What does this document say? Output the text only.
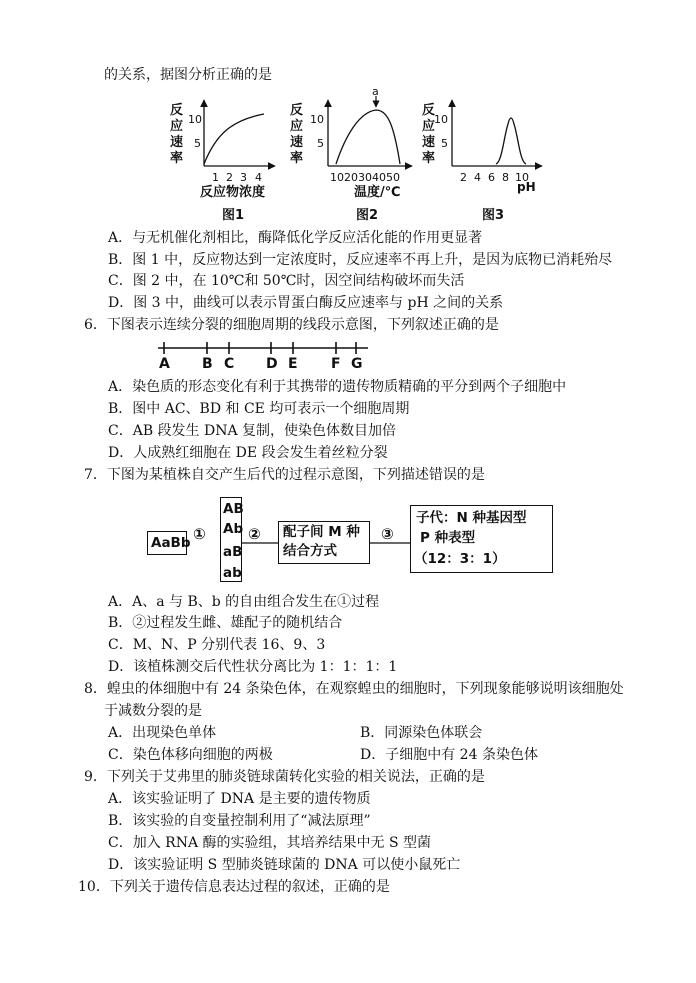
的关系，据图分析正确的是
反
应
速
率
10
5
1 2 3 4
反应物浓度
图1
反
应
速
率
10
5
a
10 20 30 40 50
温度/℃
图2
反
应
速
率
10
5
2 4 6 8 10
pH
图3
A．与无机催化剂相比，酶降低化学反应活化能的作用更显著
B．图 1 中，反应物达到一定浓度时，反应速率不再上升，是因为底物已消耗殆尽
C．图 2 中，在 10℃和 50℃时，因空间结构破坏而失活
D．图 3 中，曲线可以表示胃蛋白酶反应速率与 pH 之间的关系
6．下图表示连续分裂的细胞周期的线段示意图，下列叙述正确的是
A B C D E F G
A．染色质的形态变化有利于其携带的遗传物质精确的平分到两个子细胞中
B．图中 AC、BD 和 CE 均可表示一个细胞周期
C．AB 段发生 DNA 复制，使染色体数目加倍
D．人成熟红细胞在 DE 段会发生着丝粒分裂
7．下图为某植株自交产生后代的过程示意图，下列描述错误的是
AaBb ①
AB
Ab
aB
ab
② 配子间 M 种
结合方式
③
子代：N 种基因型
P 种表型
（12：3：1）
A．A、a 与 B、b 的自由组合发生在①过程
B．②过程发生雌、雄配子的随机结合
C．M、N、P 分别代表 16、9、3
D．该植株测交后代性状分离比为 1：1：1：1
8．蝗虫的体细胞中有 24 条染色体，在观察蝗虫的细胞时，下列现象能够说明该细胞处
于减数分裂的是
A．出现染色单体	B．同源染色体联会
C．染色体移向细胞的两极	D．子细胞中有 24 条染色体
9．下列关于艾弗里的肺炎链球菌转化实验的相关说法，正确的是
A．该实验证明了 DNA 是主要的遗传物质
B．该实验的自变量控制利用了“减法原理”
C．加入 RNA 酶的实验组，其培养结果中无 S 型菌
D．该实验证明 S 型肺炎链球菌的 DNA 可以使小鼠死亡
10．下列关于遗传信息表达过程的叙述，正确的是
